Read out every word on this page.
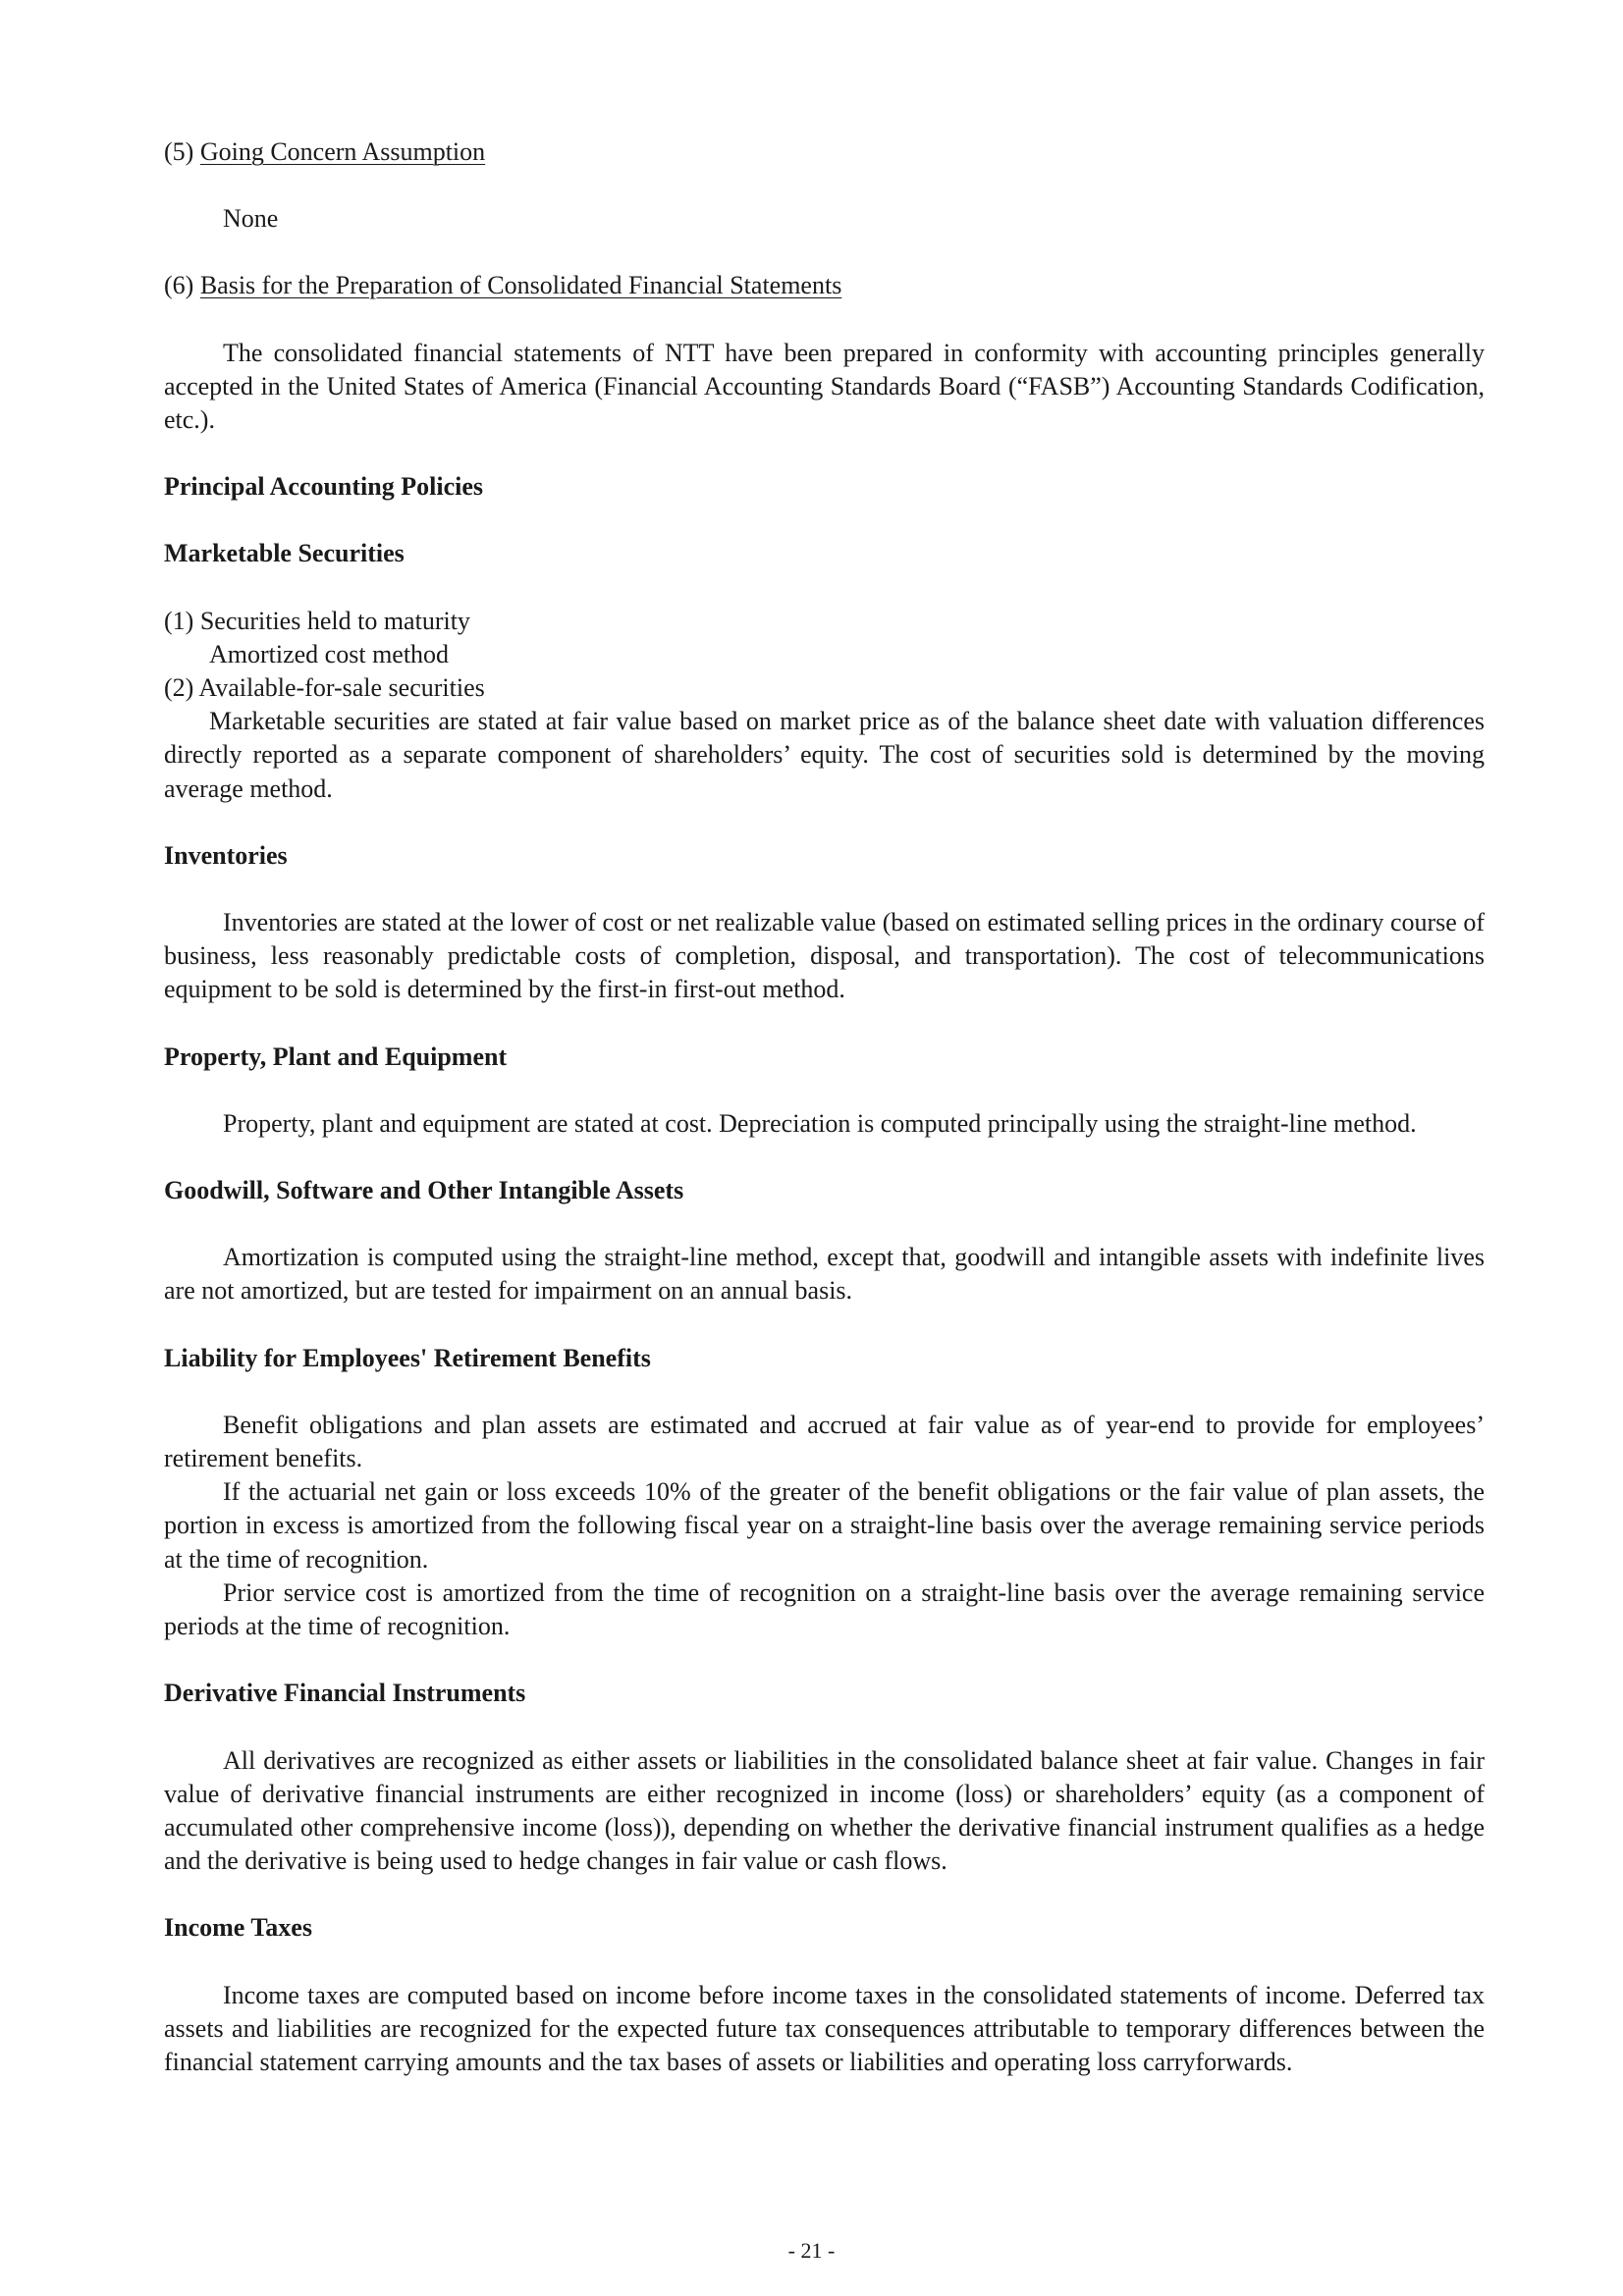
(5) Going Concern Assumption

None

(6) Basis for the Preparation of Consolidated Financial Statements

The consolidated financial statements of NTT have been prepared in conformity with accounting principles generally accepted in the United States of America (Financial Accounting Standards Board (“FASB”) Accounting Standards Codification, etc.).

Principal Accounting Policies

Marketable Securities

(1) Securities held to maturity

Amortized cost method

(2) Available-for-sale securities

Marketable securities are stated at fair value based on market price as of the balance sheet date with valuation differences directly reported as a separate component of shareholders’ equity. The cost of securities sold is determined by the moving average method.

Inventories

Inventories are stated at the lower of cost or net realizable value (based on estimated selling prices in the ordinary course of business, less reasonably predictable costs of completion, disposal, and transportation). The cost of telecommunications equipment to be sold is determined by the first-in first-out method.

Property, Plant and Equipment

Property, plant and equipment are stated at cost. Depreciation is computed principally using the straight-line method.

Goodwill, Software and Other Intangible Assets

Amortization is computed using the straight-line method, except that, goodwill and intangible assets with indefinite lives are not amortized, but are tested for impairment on an annual basis.

Liability for Employees' Retirement Benefits

Benefit obligations and plan assets are estimated and accrued at fair value as of year-end to provide for employees’ retirement benefits.

If the actuarial net gain or loss exceeds 10% of the greater of the benefit obligations or the fair value of plan assets, the portion in excess is amortized from the following fiscal year on a straight-line basis over the average remaining service periods at the time of recognition.

Prior service cost is amortized from the time of recognition on a straight-line basis over the average remaining service periods at the time of recognition.

Derivative Financial Instruments

All derivatives are recognized as either assets or liabilities in the consolidated balance sheet at fair value. Changes in fair value of derivative financial instruments are either recognized in income (loss) or shareholders’ equity (as a component of accumulated other comprehensive income (loss)), depending on whether the derivative financial instrument qualifies as a hedge and the derivative is being used to hedge changes in fair value or cash flows.

Income Taxes

Income taxes are computed based on income before income taxes in the consolidated statements of income. Deferred tax assets and liabilities are recognized for the expected future tax consequences attributable to temporary differences between the financial statement carrying amounts and the tax bases of assets or liabilities and operating loss carryforwards.

- 21 -
